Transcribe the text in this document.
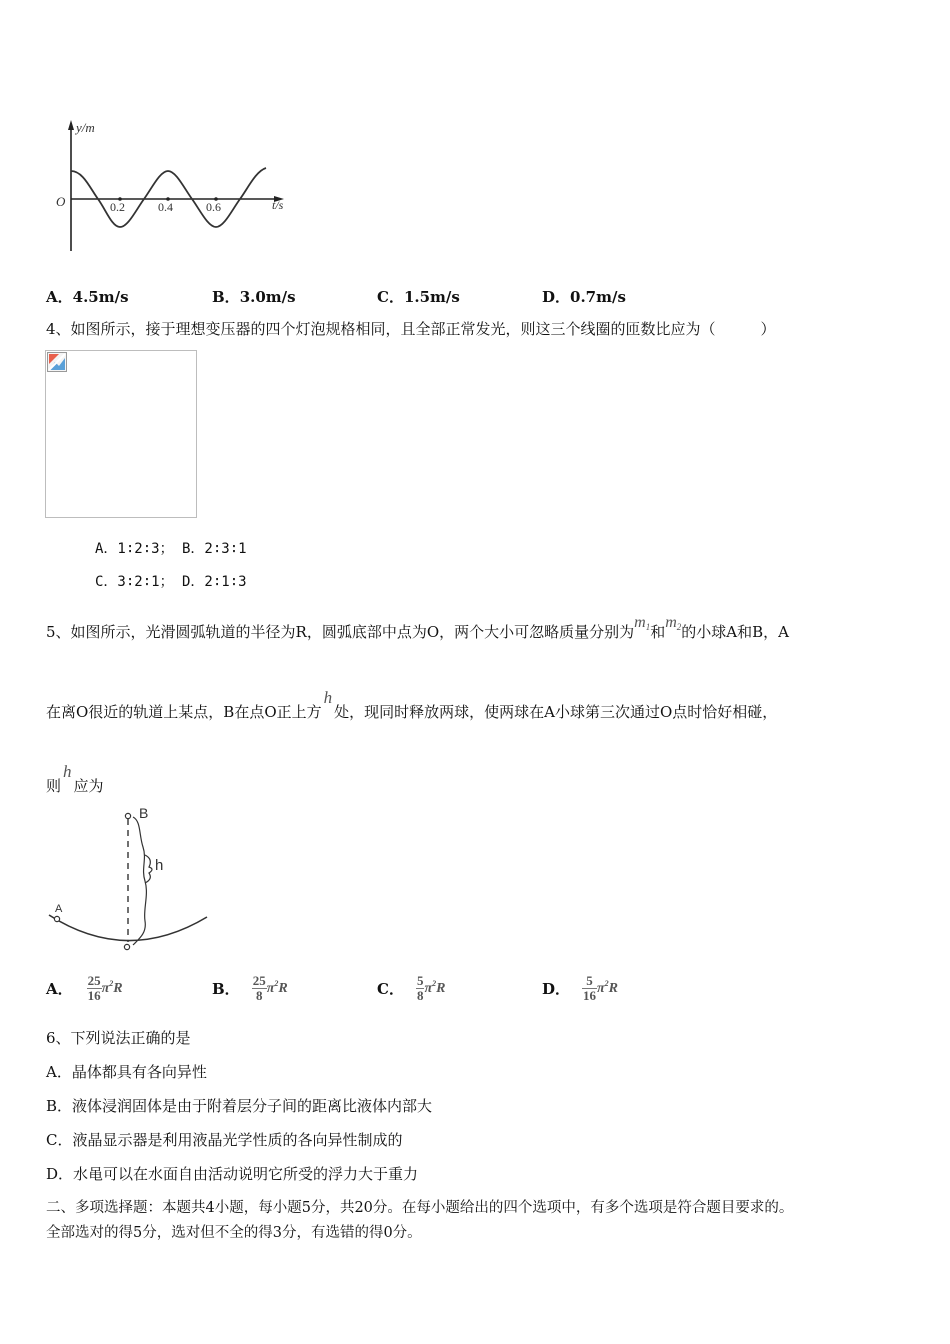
y/m
O	t/s
0.2	0.4	0.6
A．4.5m/s	B．3.0m/s	C．1.5m/s	D．0.7m/s
4、如图所示，接于理想变压器的四个灯泡规格相同，且全部正常发光，则这三个线圈的匝数比应为（　　　）
A．1∶2∶3； B．2∶3∶1
C．3∶2∶1； D．2∶1∶3
5、如图所示，光滑圆弧轨道的半径为R，圆弧底部中点为O，两个大小可忽略质量分别为$m_1$和$m_2$的小球A和B，A
在离O很近的轨道上某点，B在点O正上方h处，现同时释放两球，使两球在A小球第三次通过O点时恰好相碰，
则h应为
B
h
A
A． $\frac{25}{16} \pi^2R$	B． $\frac{25}{8} \pi^2R$	C． $\frac{5}{8} \pi^2R$	D． $\frac{5}{16} \pi^2R$
6、下列说法正确的是
A．晶体都具有各向异性
B．液体浸润固体是由于附着层分子间的距离比液体内部大
C．液晶显示器是利用液晶光学性质的各向异性制成的
D．水黾可以在水面自由活动说明它所受的浮力大于重力
二、多项选择题：本题共4小题，每小题5分，共20分。在每小题给出的四个选项中，有多个选项是符合题目要求的。
全部选对的得5分，选对但不全的得3分，有选错的得0分。
